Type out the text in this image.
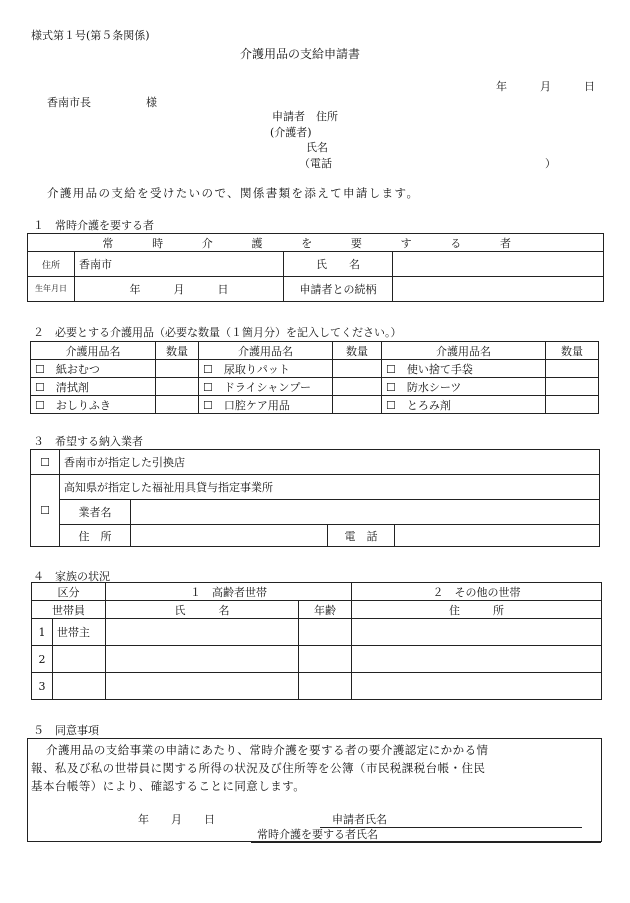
様式第１号(第５条関係)
介護用品の支給申請書
年　　　月　　　日
香南市長　　　　　様
申請者　住所
(介護者)
氏名
（電話	）
介護用品の支給を受けたいので、関係書類を添えて申請します。
１　常時介護を要する者
常 時 介 護 を 要 す る 者			
住所	香南市	氏　　名	
生年月日	年　　　月　　　日	申請者との続柄	
２　必要とする介護用品（必要な数量（１箇月分）を記入してください。）
介護用品名	数量	介護用品名	数量	介護用品名	数量
☐　 紙おむつ		☐　 尿取りパット		☐　 使い捨て手袋	
☐　 清拭剤		☐　 ドライシャンプー		☐　 防水シーツ	
☐　 おしりふき		☐　 口腔ケア用品		☐　 とろみ剤	
３　希望する納入業者
☐	香南市が指定した引換店			
☐	高知県が指定した福祉用具貸与指定事業所			
	業者名			
	住　所		電　話	
４　家族の状況
区分		１　高齢者世帯		２　その他の世帯
世帯員		氏　　　名	年齢	住　　　所
1	世帯主			
2				
3				
５　同意事項
介護用品の支給事業の申請にあたり、常時介護を要する者の要介護認定にかかる情
報、私及び私の世帯員に関する所得の状況及び住所等を公簿（市民税課税台帳・住民
基本台帳等）により、確認することに同意します。
年　　月　　日	申請者氏名
常時介護を要する者氏名
